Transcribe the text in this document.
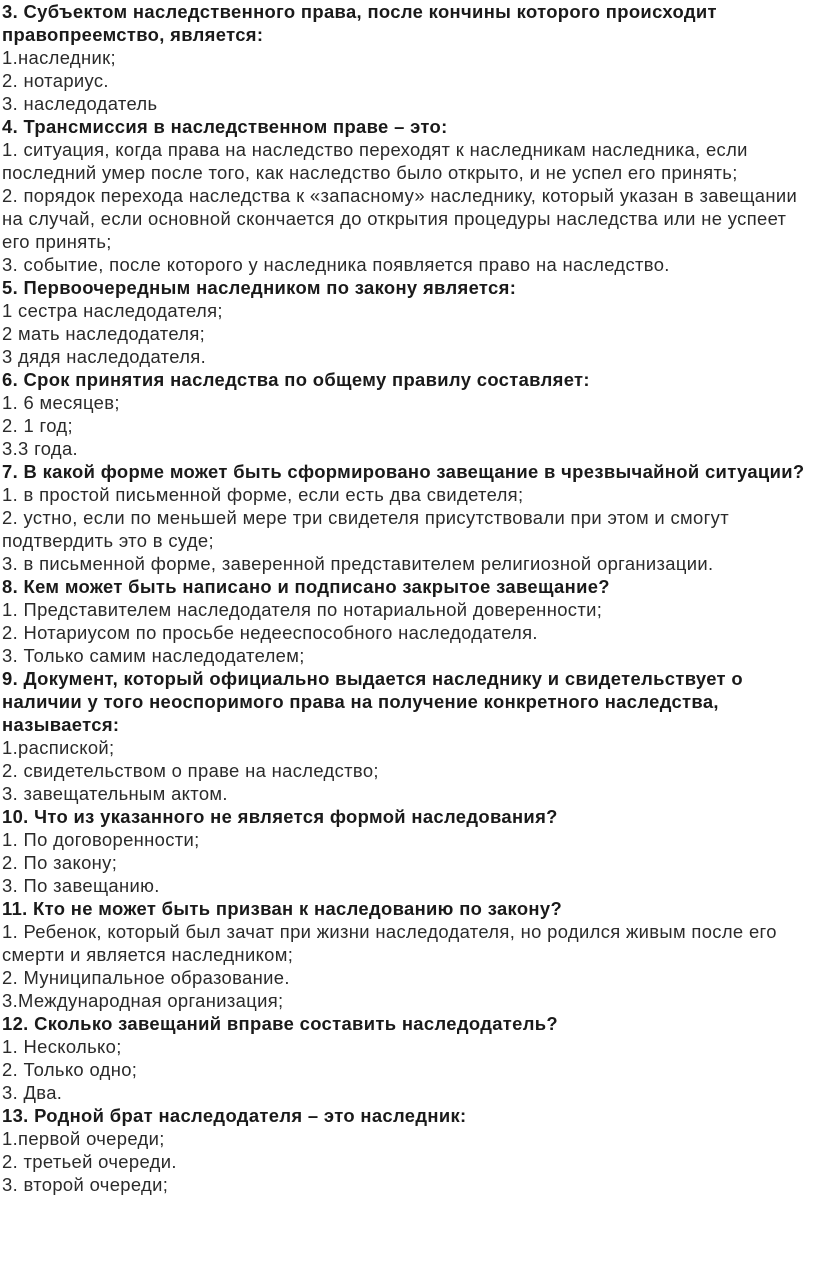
3. Субъектом наследственного права, после кончины которого происходит правопреемство, является:

1.наследник;

2. нотариус.

3. наследодатель

4. Трансмиссия в наследственном праве – это:

1. ситуация, когда права на наследство переходят к наследникам наследника, если последний умер после того, как наследство было открыто, и не успел его принять;

2. порядок перехода наследства к «запасному» наследнику, который указан в завещании на случай, если основной скончается до открытия процедуры наследства или не успеет его принять;

3. событие, после которого у наследника появляется право на наследство.

5. Первоочередным наследником по закону является:

1 сестра наследодателя;

2 мать наследодателя;

3 дядя наследодателя.

6. Срок принятия наследства по общему правилу составляет:

1. 6 месяцев;

2. 1 год;

3.3 года.

7. В какой форме может быть сформировано завещание в чрезвычайной ситуации?

1. в простой письменной форме, если есть два свидетеля;

2. устно, если по меньшей мере три свидетеля присутствовали при этом и смогут подтвердить это в суде;

3. в письменной форме, заверенной представителем религиозной организации.

8. Кем может быть написано и подписано закрытое завещание?

1. Представителем наследодателя по нотариальной доверенности;

2. Нотариусом по просьбе недееспособного наследодателя.

3. Только самим наследодателем;

9. Документ, который официально выдается наследнику и свидетельствует о наличии у того неоспоримого права на получение конкретного наследства, называется:

1.распиской;

2. свидетельством о праве на наследство;

3. завещательным актом.

10. Что из указанного не является формой наследования?

1. По договоренности;

2. По закону;

3. По завещанию.

11. Кто не может быть призван к наследованию по закону?

1. Ребенок, который был зачат при жизни наследодателя, но родился живым после его смерти и является наследником;

2. Муниципальное образование.

3.Международная организация;

12. Сколько завещаний вправе составить наследодатель?

1. Несколько;

2. Только одно;

3. Два.

13. Родной брат наследодателя – это наследник:

1.первой очереди;

2. третьей очереди.

3. второй очереди;
